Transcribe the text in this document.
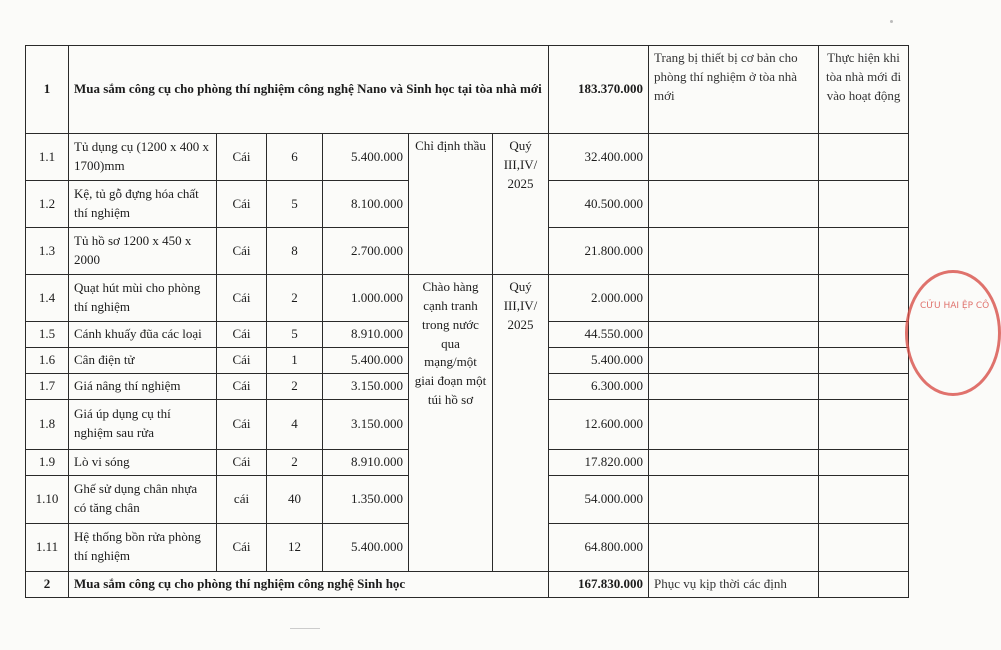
1	Mua sắm công cụ cho phòng thí nghiệm công nghệ Nano và Sinh học tại tòa nhà mới						183.370.000	Trang bị thiết bị cơ bản cho phòng thí nghiệm ở tòa nhà mới	Thực hiện khi tòa nhà mới đi vào hoạt động
1.1	Tủ dụng cụ (1200 x 400 x 1700)mm	Cái	6	5.400.000	Chỉ định thầu	Quý III,IV/ 2025	32.400.000		
1.2	Kệ, tủ gỗ đựng hóa chất thí nghiệm	Cái	5	8.100.000			40.500.000		
1.3	Tủ hồ sơ 1200 x 450 x 2000	Cái	8	2.700.000			21.800.000		
1.4	Quạt hút mùi cho phòng thí nghiệm	Cái	2	1.000.000	Chào hàng cạnh tranh trong nước qua mạng/một giai đoạn một túi hồ sơ	Quý III,IV/ 2025	2.000.000		
1.5	Cánh khuấy đũa các loại	Cái	5	8.910.000			44.550.000		
1.6	Cân điện tử	Cái	1	5.400.000			5.400.000		
1.7	Giá nâng thí nghiệm	Cái	2	3.150.000			6.300.000		
1.8	Giá úp dụng cụ thí nghiệm sau rửa	Cái	4	3.150.000			12.600.000		
1.9	Lò vi sóng	Cái	2	8.910.000			17.820.000		
1.10	Ghế sử dụng chân nhựa có tăng chân	cái	40	1.350.000			54.000.000		
1.11	Hệ thống bồn rửa phòng thí nghiệm	Cái	12	5.400.000			64.800.000		
2	Mua sắm công cụ cho phòng thí nghiệm công nghệ Sinh học						167.830.000	Phục vụ kịp thời các định	
CỬU HAI ỆP CÔ
